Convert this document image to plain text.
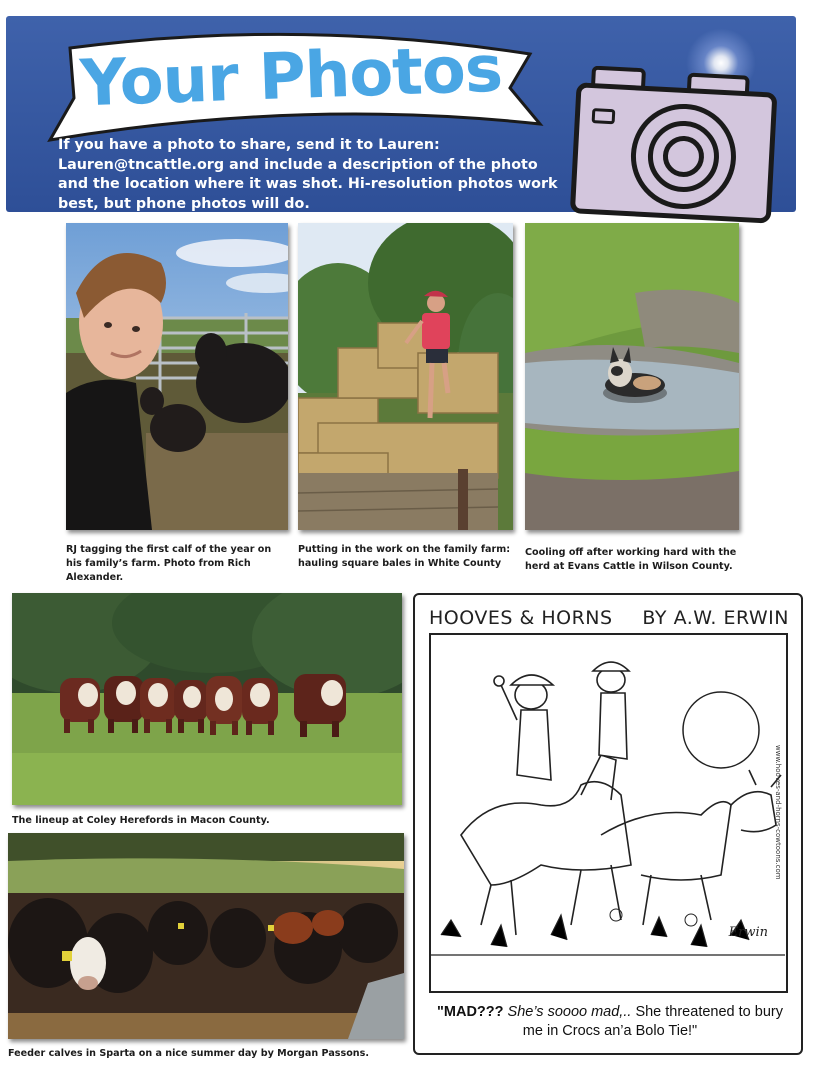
Your Photos
If you have a photo to share, send it to Lauren: Lauren@tncattle.org and include a description of the photo and the location where it was shot. Hi-resolution photos work best, but phone photos will do.
RJ tagging the first calf of the year on his family’s farm. Photo from Rich Alexander.
Putting in the work on the family farm: hauling square bales in White County
Cooling off after working hard with the herd at Evans Cattle in Wilson County.
The lineup at Coley Herefords in Macon County.
Feeder calves in Sparta on a nice summer day by Morgan Passons.
HOOVES & HORNS BY A.W. ERWIN
Erwin
www.hooves-and-horns-cowtoons.com
"MAD??? She’s soooo mad,.. She threatened to bury me in Crocs an’a Bolo Tie!"
